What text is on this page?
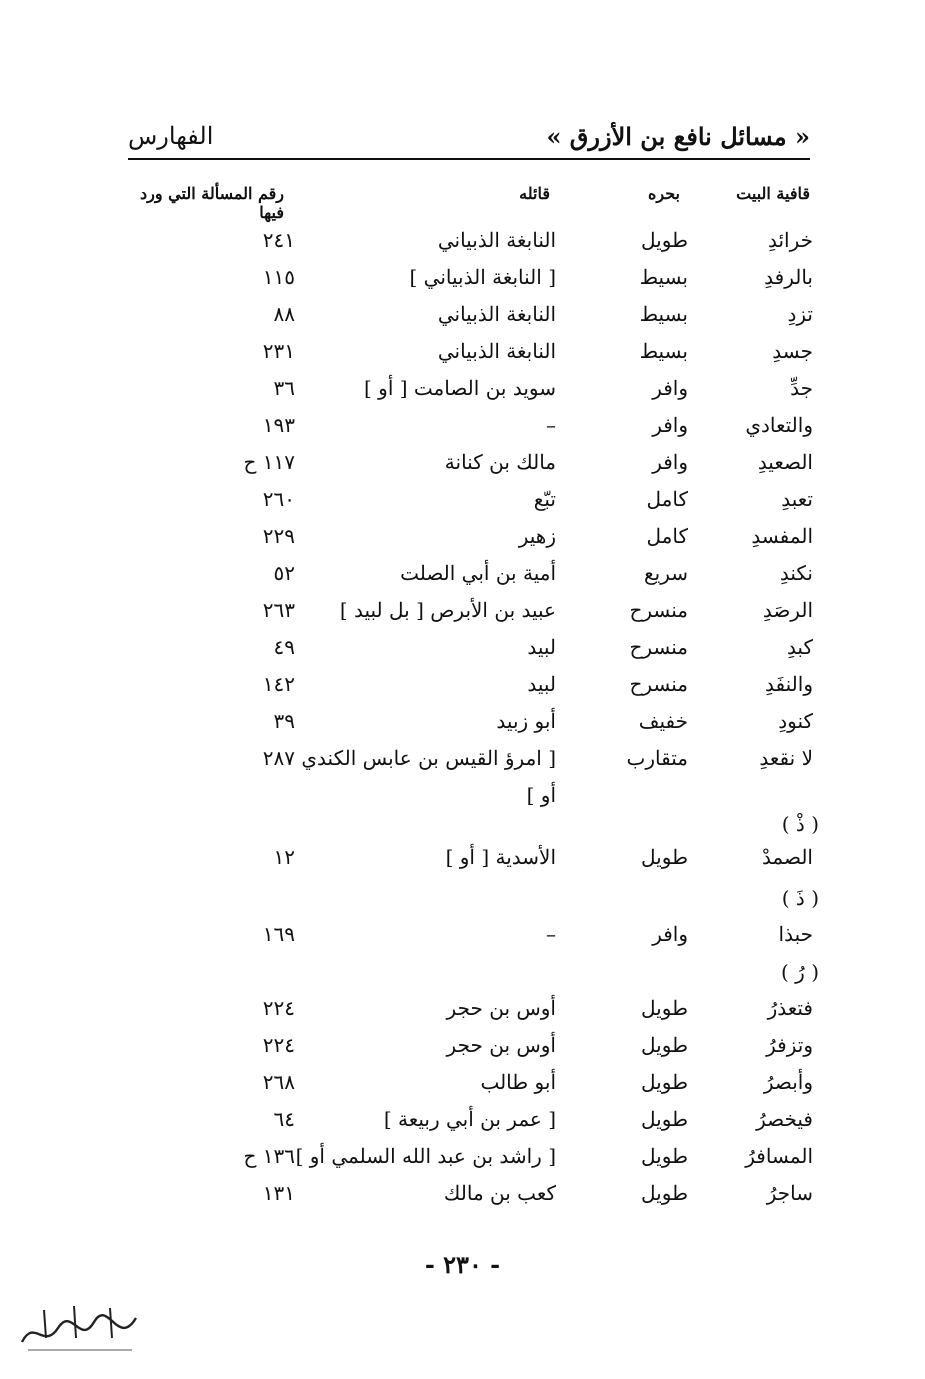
« مسائل نافع بن الأزرق »
الفهارس
قافية البيت
بحره
قائله
رقم المسألة التي ورد فيها
خرائدِ
طويل
النابغة الذبياني
٢٤١
بالرفدِ
بسيط
[ النابغة الذبياني ]
١١٥
تزدِ
بسيط
النابغة الذبياني
٨٨
جسدِ
بسيط
النابغة الذبياني
٢٣١
جدِّ
وافر
سويد بن الصامت [ أو ]
٣٦
والتعادي
وافر
–
١٩٣
الصعيدِ
وافر
مالك بن كنانة
١١٧ ح
تعبدِ
كامل
تبّع
٢٦٠
المفسدِ
كامل
زهير
٢٢٩
نكندِ
سريع
أمية بن أبي الصلت
٥٢
الرصَدِ
منسرح
عبيد بن الأبرص [ بل لبيد ]
٢٦٣
كبدِ
منسرح
لبيد
٤٩
والنفَدِ
منسرح
لبيد
١٤٢
كنودِ
خفيف
أبو زبيد
٣٩
لا نقعدِ
متقارب
[ امرؤ القيس بن عابس الكندي
٢٨٧
أو ]
( ذْ )
الصمدْ
طويل
الأسدية [ أو ]
١٢
( ذَ )
حبذا
وافر
–
١٦٩
( رُ )
فتعذرُ
طويل
أوس بن حجر
٢٢٤
وتزفرُ
طويل
أوس بن حجر
٢٢٤
وأبصرُ
طويل
أبو طالب
٢٦٨
فيخصرُ
طويل
[ عمر بن أبي ربيعة ]
٦٤
المسافرُ
طويل
[ راشد بن عبد الله السلمي أو ]
١٣٦ ح
ساجرُ
طويل
كعب بن مالك
١٣١
- ٢٣٠ -
